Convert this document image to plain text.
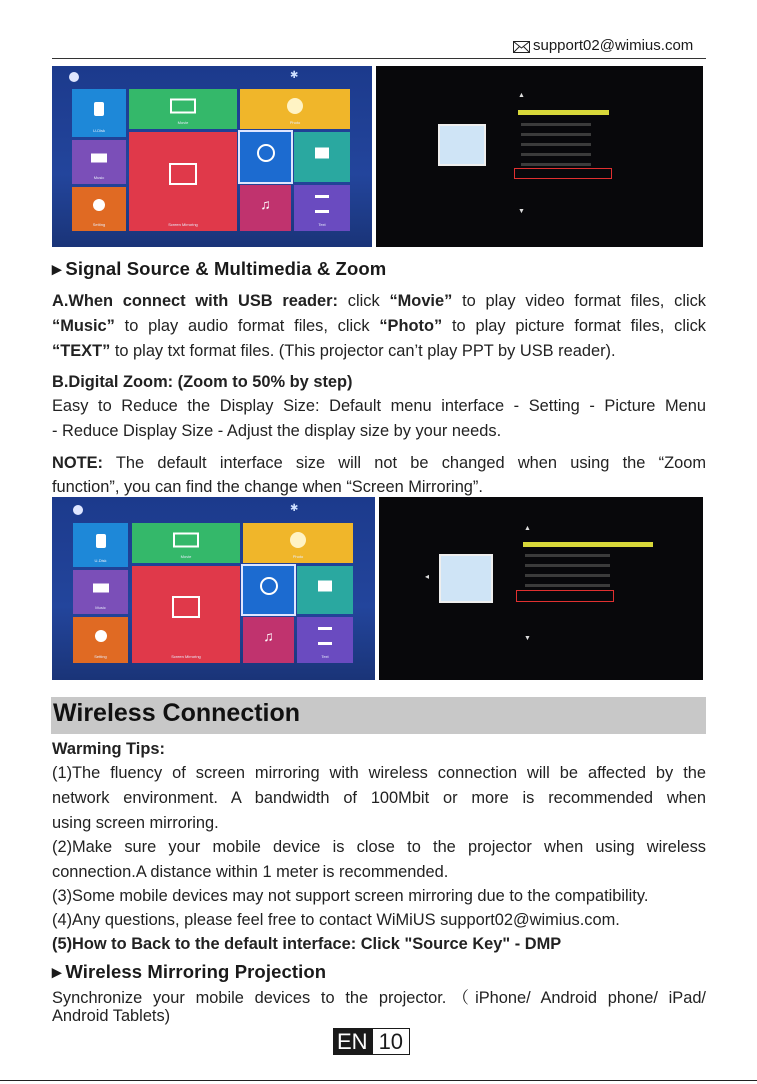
support02@wimius.com
✱
U-Disk
Movie	Photo
Music
Screen Mirroring
Setting
♫
Text
▲
▼
▸ Signal Source & Multimedia & Zoom
A.When connect with USB reader: click “Movie” to play video format files, click
“Music” to play audio format files, click “Photo” to play picture format files, click
“TEXT” to play txt format files. (This projector can’t play PPT by USB reader).
B.Digital Zoom: (Zoom to 50% by step)
Easy to Reduce the Display Size: Default menu interface - Setting - Picture Menu
- Reduce Display Size - Adjust the display size by your needs.
NOTE: The default interface size will not be changed when using the “Zoom
function”, you can find the change when “Screen Mirroring”.
✱
U-Disk
Movie	Photo
Music
Screen Mirroring
Setting
♫
Text
◂
▲
▼
Wireless Connection
Warming Tips:
(1)The fluency of screen mirroring with wireless connection will be affected by the
network environment. A bandwidth of 100Mbit or more is recommended when
using screen mirroring.
(2)Make sure your mobile device is close to the projector when using wireless
connection.A distance within 1 meter is recommended.
(3)Some mobile devices may not support screen mirroring due to the compatibility.
(4)Any questions, please feel free to contact WiMiUS support02@wimius.com.
(5)How to Back to the default interface: Click "Source Key" - DMP
▸ Wireless Mirroring Projection
Synchronize your mobile devices to the projector.（iPhone/ Android phone/ iPad/
Android Tablets)
EN 10
